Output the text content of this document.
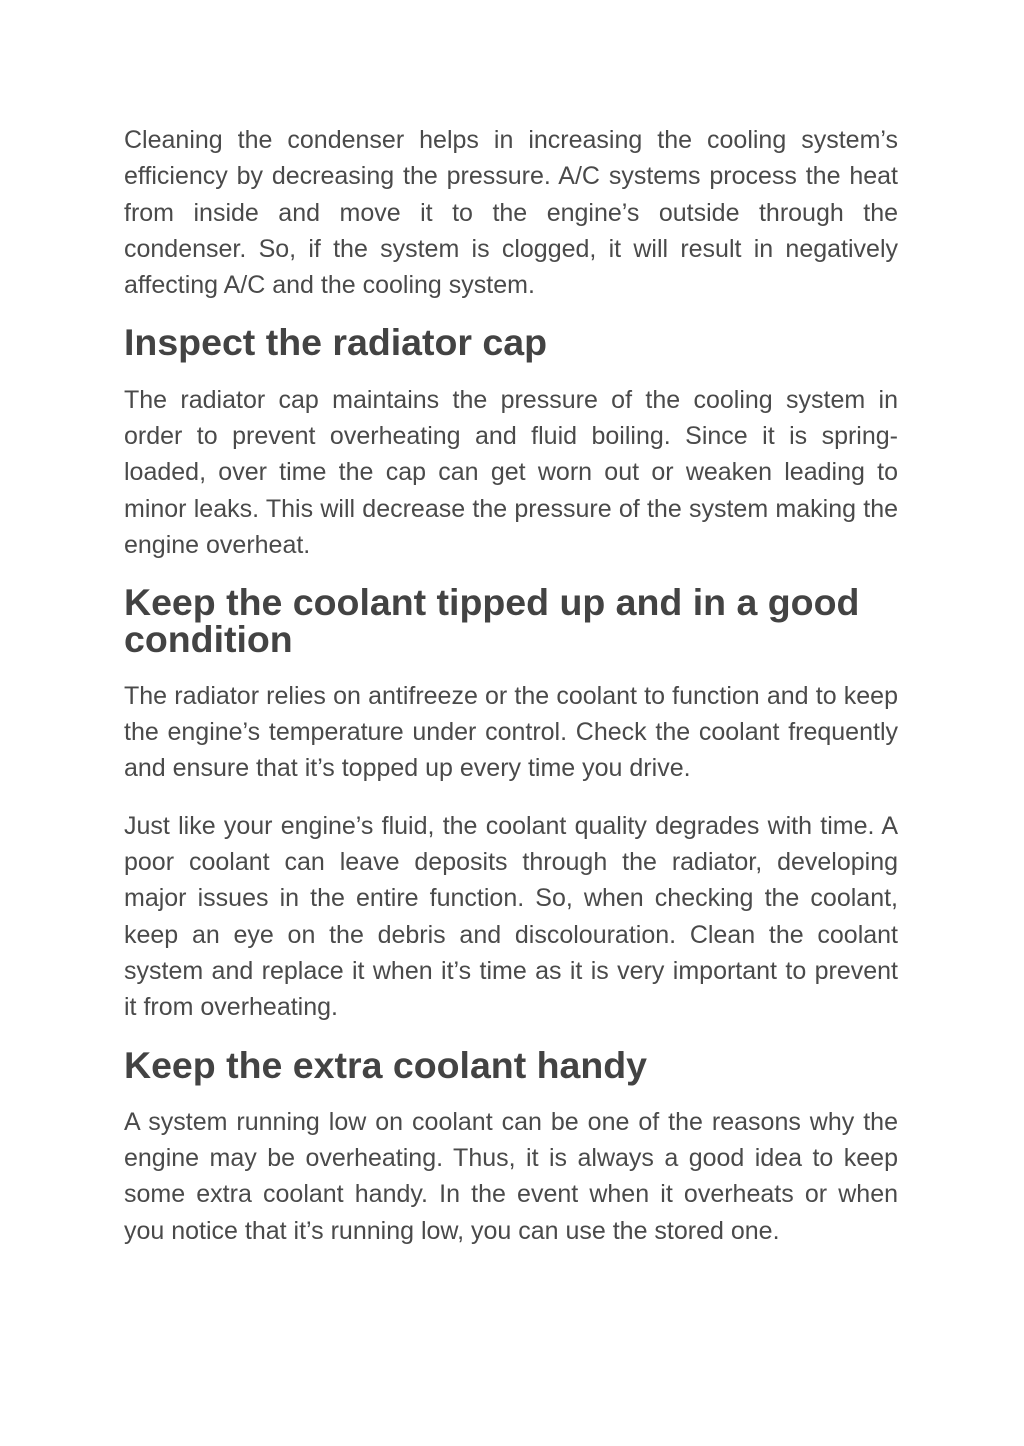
Cleaning the condenser helps in increasing the cooling system’s efficiency by decreasing the pressure. A/C systems process the heat from inside and move it to the engine’s outside through the condenser. So, if the system is clogged, it will result in negatively affecting A/C and the cooling system.

Inspect the radiator cap

The radiator cap maintains the pressure of the cooling system in order to prevent overheating and fluid boiling. Since it is spring-loaded, over time the cap can get worn out or weaken leading to minor leaks. This will decrease the pressure of the system making the engine overheat.

Keep the coolant tipped up and in a good condition

The radiator relies on antifreeze or the coolant to function and to keep the engine’s temperature under control. Check the coolant frequently and ensure that it’s topped up every time you drive.

Just like your engine’s fluid, the coolant quality degrades with time. A poor coolant can leave deposits through the radiator, developing major issues in the entire function. So, when checking the coolant, keep an eye on the debris and discolouration. Clean the coolant system and replace it when it’s time as it is very important to prevent it from overheating.

Keep the extra coolant handy

A system running low on coolant can be one of the reasons why the engine may be overheating. Thus, it is always a good idea to keep some extra coolant handy. In the event when it overheats or when you notice that it’s running low, you can use the stored one.
